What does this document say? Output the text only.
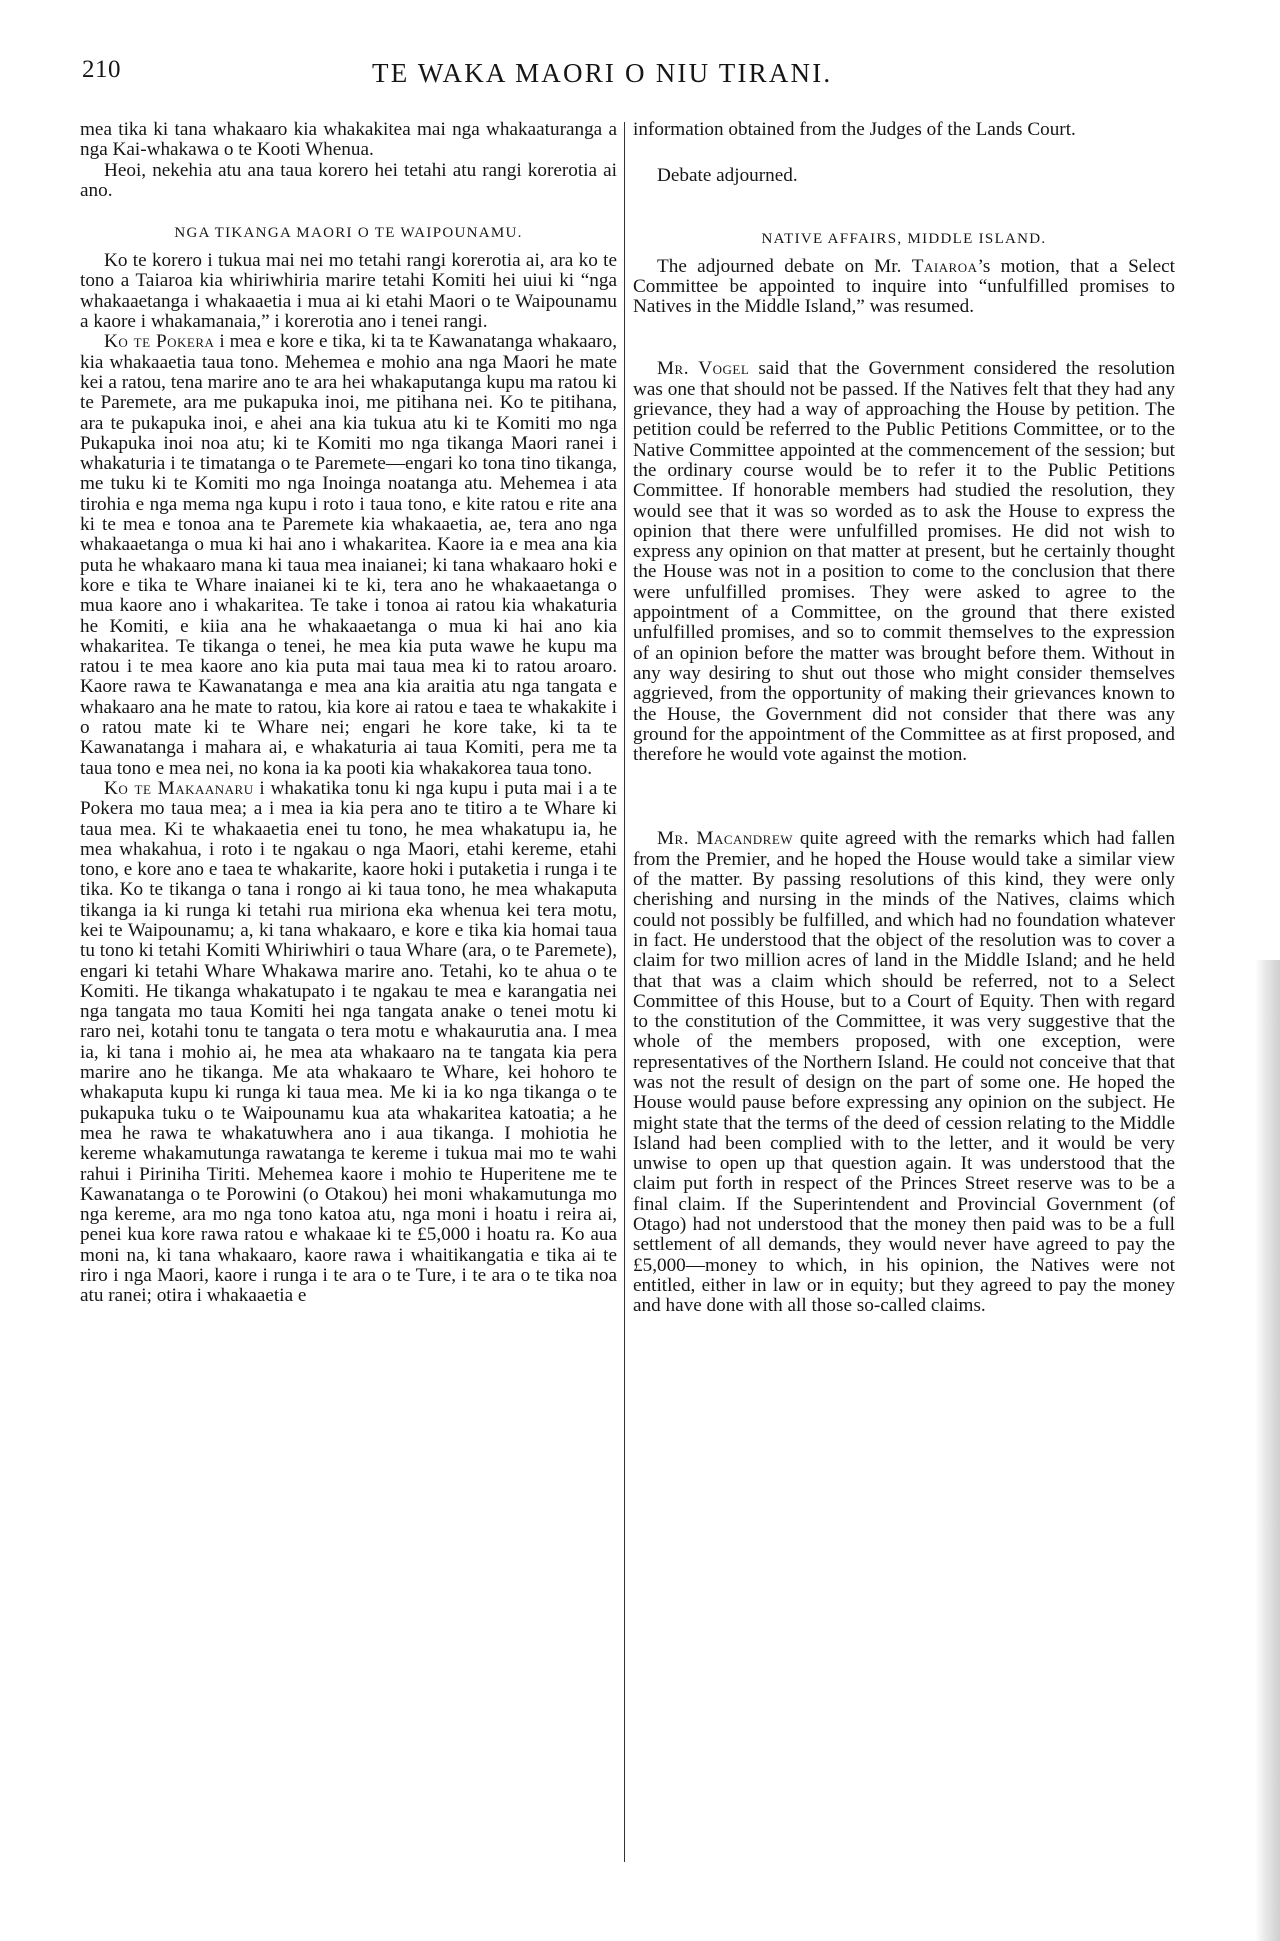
210	TE WAKA MAORI O NIU TIRANI.

mea tika ki tana whakaaro kia whakakitea mai nga whakaaturanga a nga Kai-whakawa o te Kooti Whenua.

Heoi, nekehia atu ana taua korero hei tetahi atu rangi korerotia ai ano.

NGA TIKANGA MAORI O TE WAIPOUNAMU.

Ko te korero i tukua mai nei mo tetahi rangi korerotia ai, ara ko te tono a Taiaroa kia whiriwhiria marire tetahi Komiti hei uiui ki “nga whakaaetanga i whakaaetia i mua ai ki etahi Maori o te Waipounamu a kaore i whakamanaia,” i korerotia ano i tenei rangi.

Ko te Pokera i mea e kore e tika, ki ta te Kawanatanga whakaaro, kia whakaaetia taua tono. Mehemea e mohio ana nga Maori he mate kei a ratou, tena marire ano te ara hei whakaputanga kupu ma ratou ki te Paremete, ara me pukapuka inoi, me pitihana nei. Ko te pitihana, ara te pukapuka inoi, e ahei ana kia tukua atu ki te Komiti mo nga Pukapuka inoi noa atu; ki te Komiti mo nga tikanga Maori ranei i whakaturia i te timatanga o te Paremete—engari ko tona tino tikanga, me tuku ki te Komiti mo nga Inoinga noatanga atu. Mehemea i ata tirohia e nga mema nga kupu i roto i taua tono, e kite ratou e rite ana ki te mea e tonoa ana te Paremete kia whakaaetia, ae, tera ano nga whakaaetanga o mua ki hai ano i whakaritea. Kaore ia e mea ana kia puta he whakaaro mana ki taua mea inaianei; ki tana whakaaro hoki e kore e tika te Whare inaianei ki te ki, tera ano he whakaaetanga o mua kaore ano i whakaritea. Te take i tonoa ai ratou kia whakaturia he Komiti, e kiia ana he whakaaetanga o mua ki hai ano kia whakaritea. Te tikanga o tenei, he mea kia puta wawe he kupu ma ratou i te mea kaore ano kia puta mai taua mea ki to ratou aroaro. Kaore rawa te Kawanatanga e mea ana kia araitia atu nga tangata e whakaaro ana he mate to ratou, kia kore ai ratou e taea te whakakite i o ratou mate ki te Whare nei; engari he kore take, ki ta te Kawanatanga i mahara ai, e whakaturia ai taua Komiti, pera me ta taua tono e mea nei, no kona ia ka pooti kia whakakorea taua tono.

Ko te Makaanaru i whakatika tonu ki nga kupu i puta mai i a te Pokera mo taua mea; a i mea ia kia pera ano te titiro a te Whare ki taua mea. Ki te whakaaetia enei tu tono, he mea whakatupu ia, he mea whakahua, i roto i te ngakau o nga Maori, etahi kereme, etahi tono, e kore ano e taea te whakarite, kaore hoki i putaketia i runga i te tika. Ko te tikanga o tana i rongo ai ki taua tono, he mea whakaputa tikanga ia ki runga ki tetahi rua miriona eka whenua kei tera motu, kei te Waipounamu; a, ki tana whakaaro, e kore e tika kia homai taua tu tono ki tetahi Komiti Whiriwhiri o taua Whare (ara, o te Paremete), engari ki tetahi Whare Whakawa marire ano. Tetahi, ko te ahua o te Komiti. He tikanga whakatupato i te ngakau te mea e karangatia nei nga tangata mo taua Komiti hei nga tangata anake o tenei motu ki raro nei, kotahi tonu te tangata o tera motu e whakaurutia ana. I mea ia, ki tana i mohio ai, he mea ata whakaaro na te tangata kia pera marire ano he tikanga. Me ata whakaaro te Whare, kei hohoro te whakaputa kupu ki runga ki taua mea. Me ki ia ko nga tikanga o te pukapuka tuku o te Waipounamu kua ata whakaritea katoatia; a he mea he rawa te whakatuwhera ano i aua tikanga. I mohiotia he kereme whakamutunga rawatanga te kereme i tukua mai mo te wahi rahui i Piriniha Tiriti. Mehemea kaore i mohio te Huperitene me te Kawanatanga o te Porowini (o Otakou) hei moni whakamutunga mo nga kereme, ara mo nga tono katoa atu, nga moni i hoatu i reira ai, penei kua kore rawa ratou e whakaae ki te £5,000 i hoatu ra. Ko aua moni na, ki tana whakaaro, kaore rawa i whaitikangatia e tika ai te riro i nga Maori, kaore i runga i te ara o te Ture, i te ara o te tika noa atu ranei; otira i whakaaetia e

information obtained from the Judges of the Lands Court.

Debate adjourned.

NATIVE AFFAIRS, MIDDLE ISLAND.

The adjourned debate on Mr. Taiaroa’s motion, that a Select Committee be appointed to inquire into “unfulfilled promises to Natives in the Middle Island,” was resumed.

Mr. Vogel said that the Government considered the resolution was one that should not be passed. If the Natives felt that they had any grievance, they had a way of approaching the House by petition. The petition could be referred to the Public Petitions Committee, or to the Native Committee appointed at the commencement of the session; but the ordinary course would be to refer it to the Public Petitions Committee. If honorable members had studied the resolution, they would see that it was so worded as to ask the House to express the opinion that there were unfulfilled promises. He did not wish to express any opinion on that matter at present, but he certainly thought the House was not in a position to come to the conclusion that there were unfulfilled promises. They were asked to agree to the appointment of a Committee, on the ground that there existed unfulfilled promises, and so to commit themselves to the expression of an opinion before the matter was brought before them. Without in any way desiring to shut out those who might consider themselves aggrieved, from the opportunity of making their grievances known to the House, the Government did not consider that there was any ground for the appointment of the Committee as at first proposed, and therefore he would vote against the motion.

Mr. Macandrew quite agreed with the remarks which had fallen from the Premier, and he hoped the House would take a similar view of the matter. By passing resolutions of this kind, they were only cherishing and nursing in the minds of the Natives, claims which could not possibly be fulfilled, and which had no foundation whatever in fact. He understood that the object of the resolution was to cover a claim for two million acres of land in the Middle Island; and he held that that was a claim which should be referred, not to a Select Committee of this House, but to a Court of Equity. Then with regard to the constitution of the Committee, it was very suggestive that the whole of the members proposed, with one exception, were representatives of the Northern Island. He could not conceive that that was not the result of design on the part of some one. He hoped the House would pause before expressing any opinion on the subject. He might state that the terms of the deed of cession relating to the Middle Island had been complied with to the letter, and it would be very unwise to open up that question again. It was understood that the claim put forth in respect of the Princes Street reserve was to be a final claim. If the Superintendent and Provincial Government (of Otago) had not understood that the money then paid was to be a full settlement of all demands, they would never have agreed to pay the £5,000—money to which, in his opinion, the Natives were not entitled, either in law or in equity; but they agreed to pay the money and have done with all those so-called claims.
